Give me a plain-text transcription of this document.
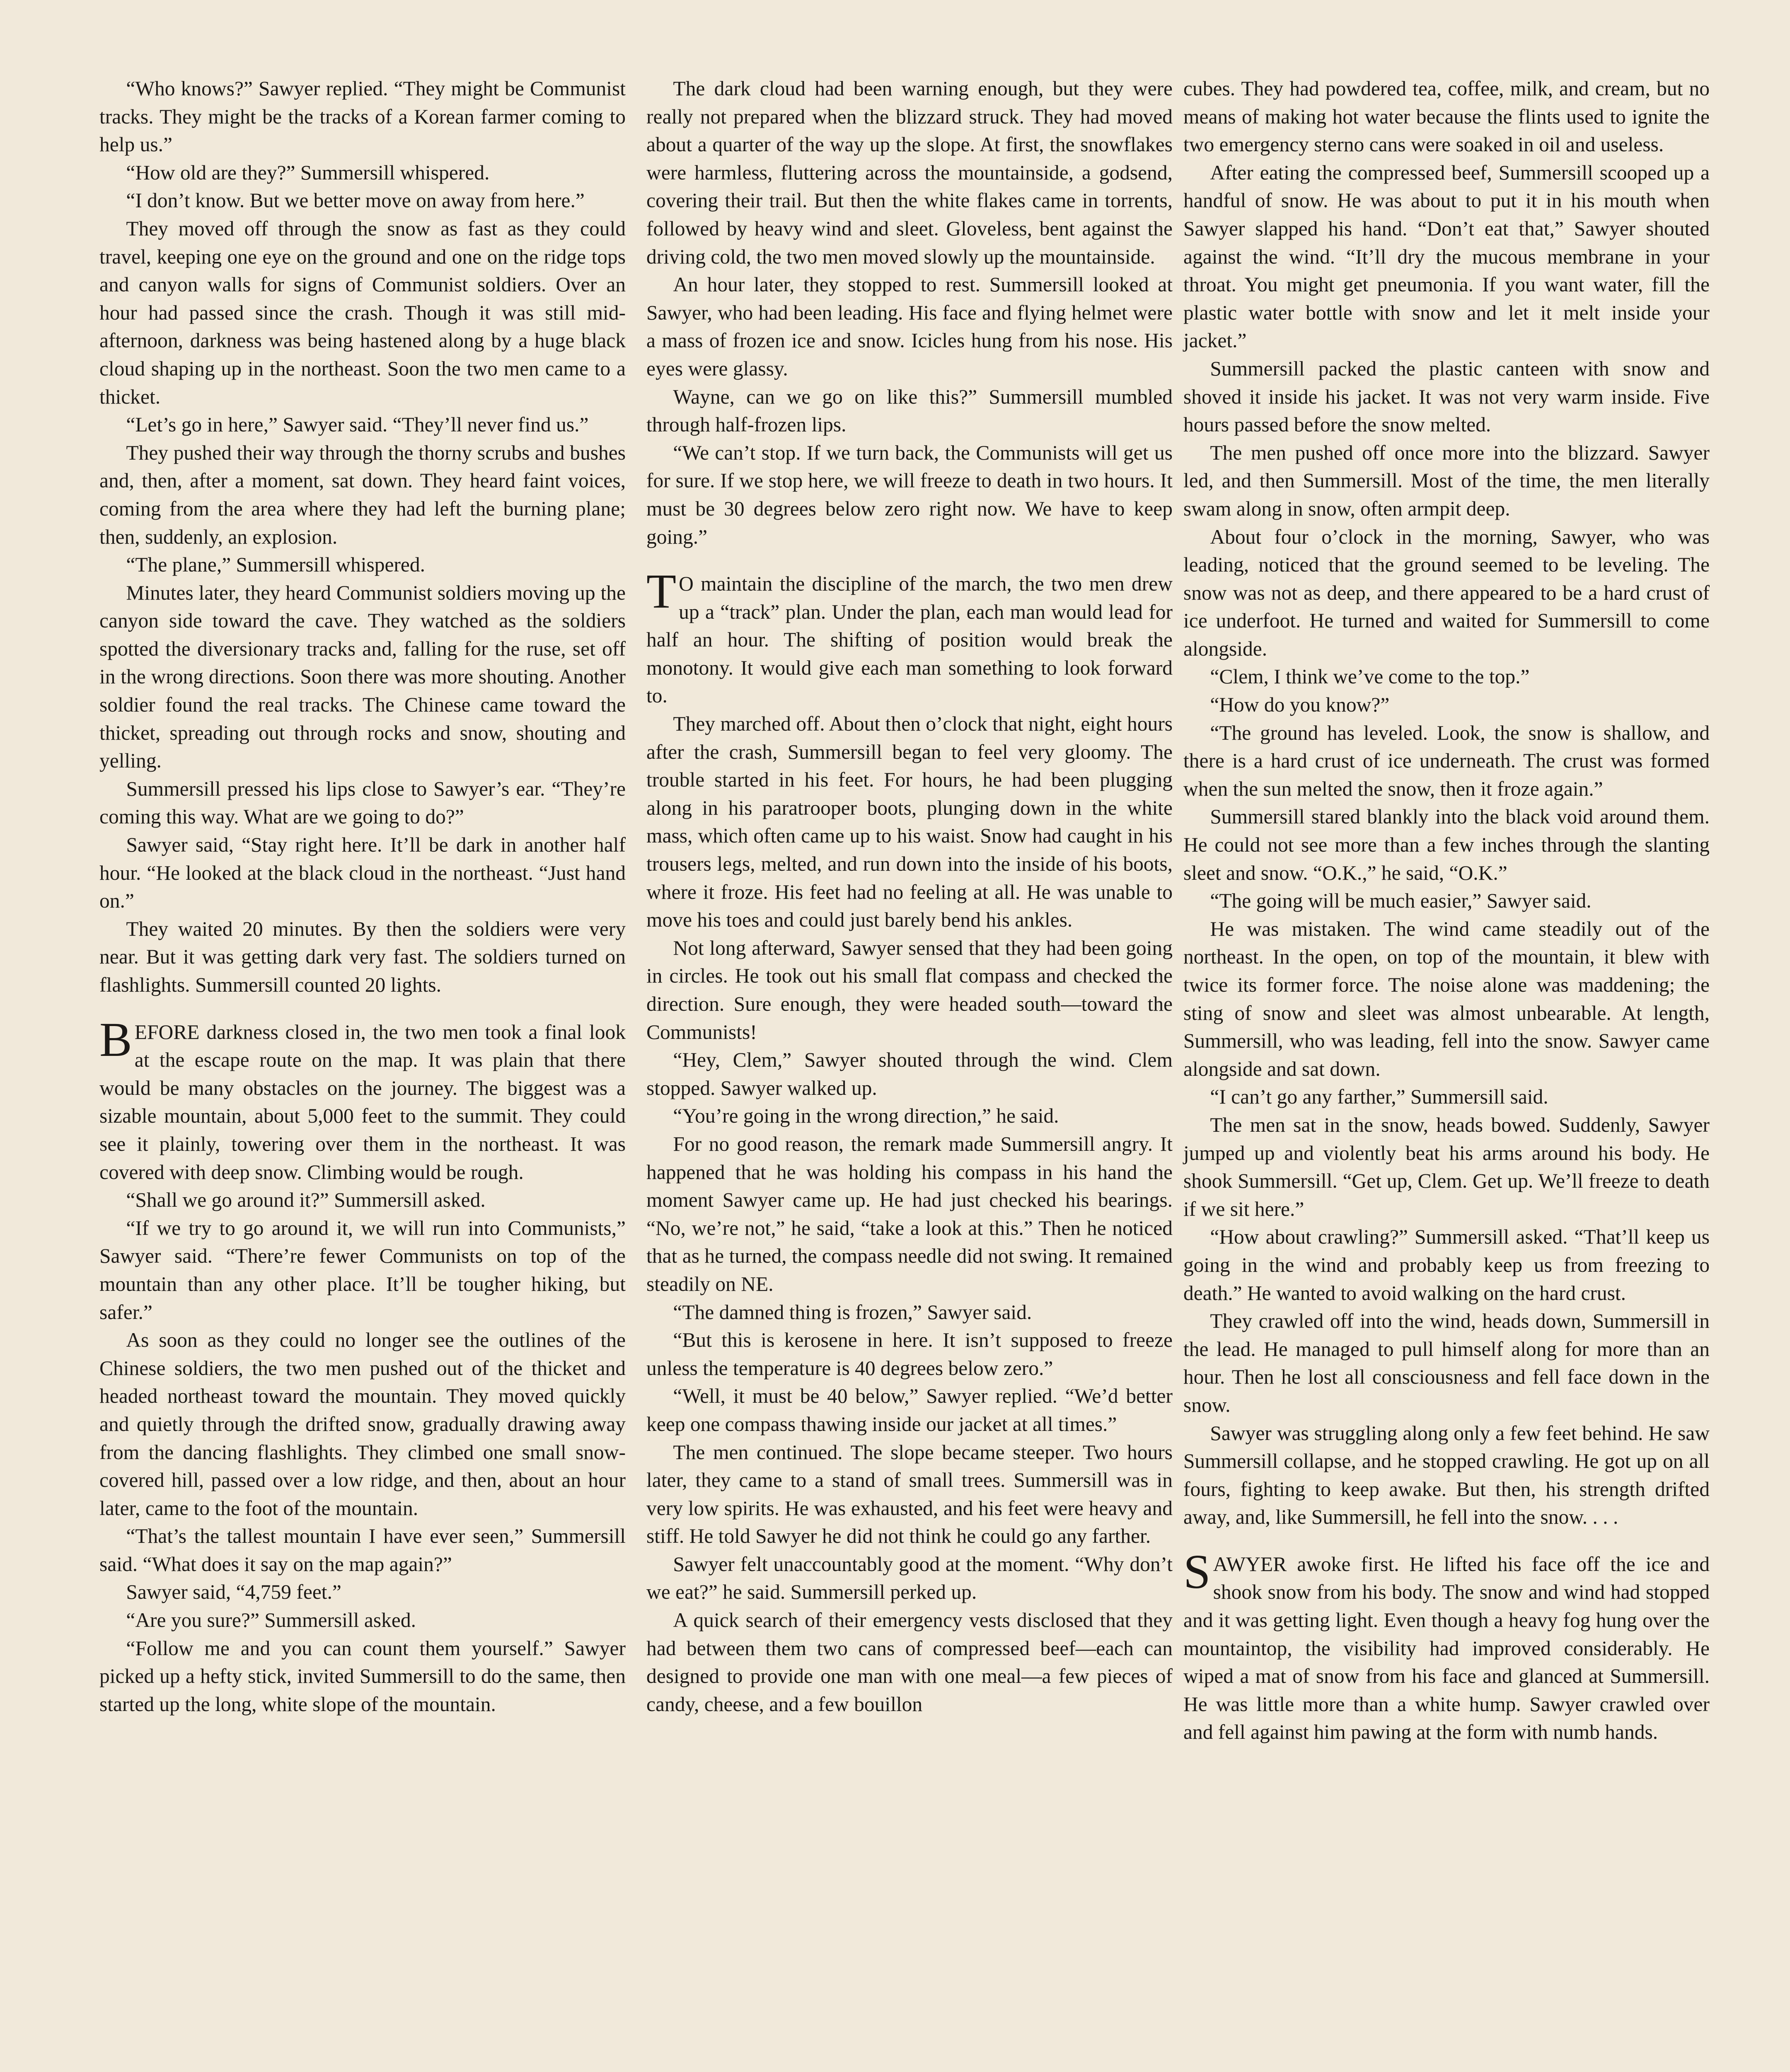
“Who knows?” Sawyer replied. “They might be Communist tracks. They might be the tracks of a Korean farmer coming to help us.”

“How old are they?” Summersill whispered.

“I don’t know. But we better move on away from here.”

They moved off through the snow as fast as they could travel, keeping one eye on the ground and one on the ridge tops and canyon walls for signs of Communist soldiers. Over an hour had passed since the crash. Though it was still mid-afternoon, darkness was being hastened along by a huge black cloud shaping up in the northeast. Soon the two men came to a thicket.

“Let’s go in here,” Sawyer said. “They’ll never find us.”

They pushed their way through the thorny scrubs and bushes and, then, after a moment, sat down. They heard faint voices, coming from the area where they had left the burning plane; then, suddenly, an explosion.

“The plane,” Summersill whispered.

Minutes later, they heard Communist soldiers moving up the canyon side toward the cave. They watched as the soldiers spotted the diversionary tracks and, falling for the ruse, set off in the wrong directions. Soon there was more shouting. Another soldier found the real tracks. The Chinese came toward the thicket, spreading out through rocks and snow, shouting and yelling.

Summersill pressed his lips close to Sawyer’s ear. “They’re coming this way. What are we going to do?”

Sawyer said, “Stay right here. It’ll be dark in another half hour. “He looked at the black cloud in the northeast. “Just hand on.”

They waited 20 minutes. By then the soldiers were very near. But it was getting dark very fast. The soldiers turned on flashlights. Summersill counted 20 lights.

BEFORE darkness closed in, the two men took a final look at the escape route on the map. It was plain that there would be many obstacles on the journey. The biggest was a sizable mountain, about 5,000 feet to the summit. They could see it plainly, towering over them in the northeast. It was covered with deep snow. Climbing would be rough.

“Shall we go around it?” Summersill asked.

“If we try to go around it, we will run into Communists,” Sawyer said. “There’re fewer Communists on top of the mountain than any other place. It’ll be tougher hiking, but safer.”

As soon as they could no longer see the outlines of the Chinese soldiers, the two men pushed out of the thicket and headed northeast toward the mountain. They moved quickly and quietly through the drifted snow, gradually drawing away from the dancing flashlights. They climbed one small snow-covered hill, passed over a low ridge, and then, about an hour later, came to the foot of the mountain.

“That’s the tallest mountain I have ever seen,” Summersill said. “What does it say on the map again?”

Sawyer said, “4,759 feet.”

“Are you sure?” Summersill asked.

“Follow me and you can count them yourself.” Sawyer picked up a hefty stick, invited Summersill to do the same, then started up the long, white slope of the mountain.

The dark cloud had been warning enough, but they were really not prepared when the blizzard struck. They had moved about a quarter of the way up the slope. At first, the snowflakes were harmless, fluttering across the mountainside, a godsend, covering their trail. But then the white flakes came in torrents, followed by heavy wind and sleet. Gloveless, bent against the driving cold, the two men moved slowly up the mountainside.

An hour later, they stopped to rest. Summersill looked at Sawyer, who had been leading. His face and flying helmet were a mass of frozen ice and snow. Icicles hung from his nose. His eyes were glassy.

Wayne, can we go on like this?” Summersill mumbled through half-frozen lips.

“We can’t stop. If we turn back, the Communists will get us for sure. If we stop here, we will freeze to death in two hours. It must be 30 degrees below zero right now. We have to keep going.”

T O maintain the discipline of the march, the two men drew up a “track” plan. Under the plan, each man would lead for half an hour. The shifting of position would break the monotony. It would give each man something to look forward to.

They marched off. About then o’clock that night, eight hours after the crash, Summersill began to feel very gloomy. The trouble started in his feet. For hours, he had been plugging along in his paratrooper boots, plunging down in the white mass, which often came up to his waist. Snow had caught in his trousers legs, melted, and run down into the inside of his boots, where it froze. His feet had no feeling at all. He was unable to move his toes and could just barely bend his ankles.

Not long afterward, Sawyer sensed that they had been going in circles. He took out his small flat compass and checked the direction. Sure enough, they were headed south—toward the Communists!

“Hey, Clem,” Sawyer shouted through the wind. Clem stopped. Sawyer walked up.

“You’re going in the wrong direction,” he said.

For no good reason, the remark made Summersill angry. It happened that he was holding his compass in his hand the moment Sawyer came up. He had just checked his bearings. “No, we’re not,” he said, “take a look at this.” Then he noticed that as he turned, the compass needle did not swing. It remained steadily on NE.

“The damned thing is frozen,” Sawyer said.

“But this is kerosene in here. It isn’t supposed to freeze unless the temperature is 40 degrees below zero.”

“Well, it must be 40 below,” Sawyer replied. “We’d better keep one compass thawing inside our jacket at all times.”

The men continued. The slope became steeper. Two hours later, they came to a stand of small trees. Summersill was in very low spirits. He was exhausted, and his feet were heavy and stiff. He told Sawyer he did not think he could go any farther.

Sawyer felt unaccountably good at the moment. “Why don’t we eat?” he said. Summersill perked up.

A quick search of their emergency vests disclosed that they had between them two cans of compressed beef—each can designed to provide one man with one meal—a few pieces of candy, cheese, and a few bouillon

cubes. They had powdered tea, coffee, milk, and cream, but no means of making hot water because the flints used to ignite the two emergency sterno cans were soaked in oil and useless.

After eating the compressed beef, Summersill scooped up a handful of snow. He was about to put it in his mouth when Sawyer slapped his hand. “Don’t eat that,” Sawyer shouted against the wind. “It’ll dry the mucous membrane in your throat. You might get pneumonia. If you want water, fill the plastic water bottle with snow and let it melt inside your jacket.”

Summersill packed the plastic canteen with snow and shoved it inside his jacket. It was not very warm inside. Five hours passed before the snow melted.

The men pushed off once more into the blizzard. Sawyer led, and then Summersill. Most of the time, the men literally swam along in snow, often armpit deep.

About four o’clock in the morning, Sawyer, who was leading, noticed that the ground seemed to be leveling. The snow was not as deep, and there appeared to be a hard crust of ice underfoot. He turned and waited for Summersill to come alongside.

“Clem, I think we’ve come to the top.”

“How do you know?”

“The ground has leveled. Look, the snow is shallow, and there is a hard crust of ice underneath. The crust was formed when the sun melted the snow, then it froze again.”

Summersill stared blankly into the black void around them. He could not see more than a few inches through the slanting sleet and snow. “O.K.,” he said, “O.K.”

“The going will be much easier,” Sawyer said.

He was mistaken. The wind came steadily out of the northeast. In the open, on top of the mountain, it blew with twice its former force. The noise alone was maddening; the sting of snow and sleet was almost unbearable. At length, Summersill, who was leading, fell into the snow. Sawyer came alongside and sat down.

“I can’t go any farther,” Summersill said.

The men sat in the snow, heads bowed. Suddenly, Sawyer jumped up and violently beat his arms around his body. He shook Summersill. “Get up, Clem. Get up. We’ll freeze to death if we sit here.”

“How about crawling?” Summersill asked. “That’ll keep us going in the wind and probably keep us from freezing to death.” He wanted to avoid walking on the hard crust.

They crawled off into the wind, heads down, Summersill in the lead. He managed to pull himself along for more than an hour. Then he lost all consciousness and fell face down in the snow.

Sawyer was struggling along only a few feet behind. He saw Summersill collapse, and he stopped crawling. He got up on all fours, fighting to keep awake. But then, his strength drifted away, and, like Summersill, he fell into the snow. . . .

SAWYER awoke first. He lifted his face off the ice and shook snow from his body. The snow and wind had stopped and it was getting light. Even though a heavy fog hung over the mountaintop, the visibility had improved considerably. He wiped a mat of snow from his face and glanced at Summersill. He was little more than a white hump. Sawyer crawled over and fell against him pawing at the form with numb hands.
